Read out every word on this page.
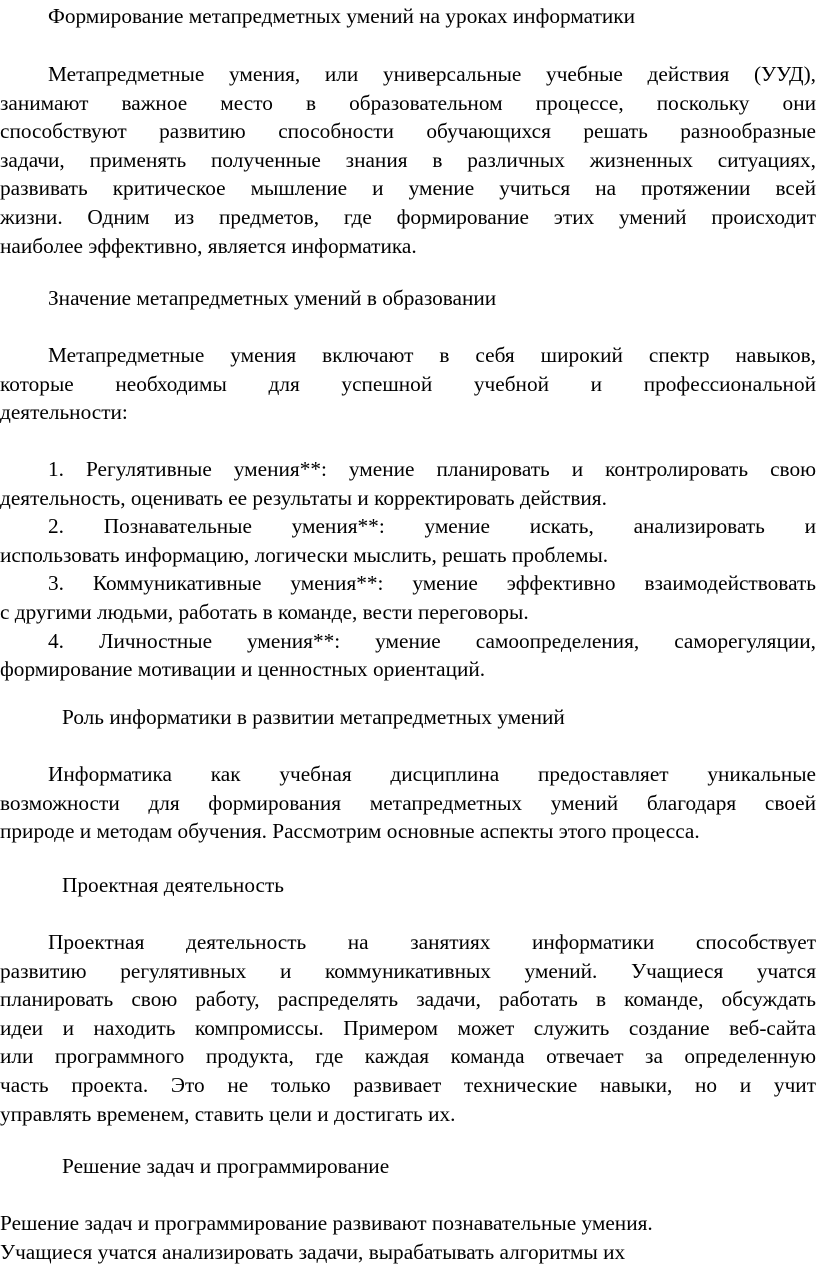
Формирование метапредметных умений на уроках информатики

Метапредметные умения, или универсальные учебные действия (УУД),

занимают важное место в образовательном процессе, поскольку они

способствуют развитию способности обучающихся решать разнообразные

задачи, применять полученные знания в различных жизненных ситуациях,

развивать критическое мышление и умение учиться на протяжении всей

жизни. Одним из предметов, где формирование этих умений происходит

наиболее эффективно, является информатика.

Значение метапредметных умений в образовании

Метапредметные умения включают в себя широкий спектр навыков,

которые необходимы для успешной учебной и профессиональной

деятельности:

1. Регулятивные умения**: умение планировать и контролировать свою

деятельность, оценивать ее результаты и корректировать действия.

2. Познавательные умения**: умение искать, анализировать и

использовать информацию, логически мыслить, решать проблемы.

3. Коммуникативные умения**: умение эффективно взаимодействовать

с другими людьми, работать в команде, вести переговоры.

4. Личностные умения**: умение самоопределения, саморегуляции,

формирование мотивации и ценностных ориентаций.

Роль информатики в развитии метапредметных умений

Информатика как учебная дисциплина предоставляет уникальные

возможности для формирования метапредметных умений благодаря своей

природе и методам обучения. Рассмотрим основные аспекты этого процесса.

Проектная деятельность

Проектная деятельность на занятиях информатики способствует

развитию регулятивных и коммуникативных умений. Учащиеся учатся

планировать свою работу, распределять задачи, работать в команде, обсуждать

идеи и находить компромиссы. Примером может служить создание веб-сайта

или программного продукта, где каждая команда отвечает за определенную

часть проекта. Это не только развивает технические навыки, но и учит

управлять временем, ставить цели и достигать их.

Решение задач и программирование

Решение задач и программирование развивают познавательные умения.

Учащиеся учатся анализировать задачи, вырабатывать алгоритмы их
